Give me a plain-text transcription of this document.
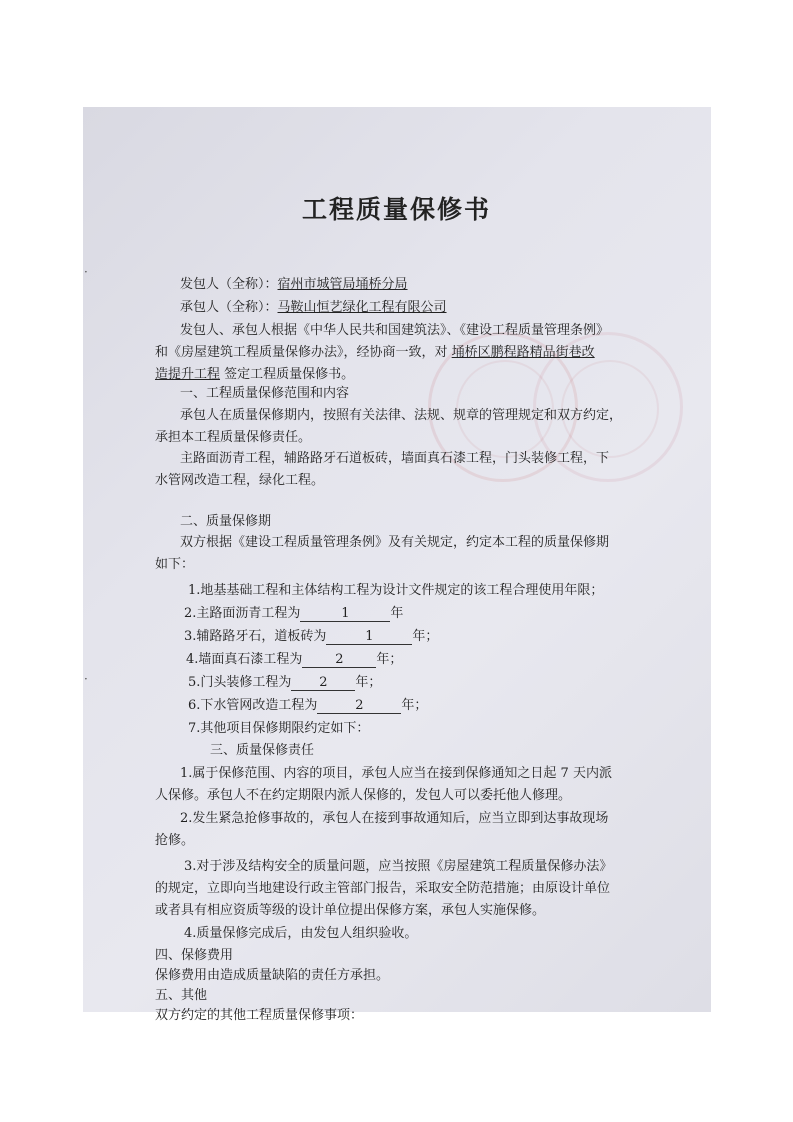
·
·
工程质量保修书
发包人（全称）：宿州市城管局埇桥分局
承包人（全称）：马鞍山恒艺绿化工程有限公司
发包人、承包人根据《中华人民共和国建筑法》、《建设工程质量管理条例》
和《房屋建筑工程质量保修办法》，经协商一致，对 埇桥区鹏程路精品街巷改
造提升工程 签定工程质量保修书。
一、工程质量保修范围和内容
承包人在质量保修期内，按照有关法律、法规、规章的管理规定和双方约定，
承担本工程质量保修责任。
主路面沥青工程，辅路路牙石道板砖，墙面真石漆工程，门头装修工程，下
水管网改造工程，绿化工程。
二、质量保修期
双方根据《建设工程质量管理条例》及有关规定，约定本工程的质量保修期
如下：
1.地基基础工程和主体结构工程为设计文件规定的该工程合理使用年限；
2.主路面沥青工程为	1	年
3.辅路路牙石，道板砖为	1	年；
4.墙面真石漆工程为	2	年；
5.门头装修工程为 2 年；
6.下水管网改造工程为	2	年；
7.其他项目保修期限约定如下：
三、质量保修责任
1.属于保修范围、内容的项目，承包人应当在接到保修通知之日起 7 天内派
人保修。承包人不在约定期限内派人保修的，发包人可以委托他人修理。
2.发生紧急抢修事故的，承包人在接到事故通知后，应当立即到达事故现场
抢修。
3.对于涉及结构安全的质量问题，应当按照《房屋建筑工程质量保修办法》
的规定，立即向当地建设行政主管部门报告，采取安全防范措施；由原设计单位
或者具有相应资质等级的设计单位提出保修方案，承包人实施保修。
4.质量保修完成后，由发包人组织验收。
四、保修费用
保修费用由造成质量缺陷的责任方承担。
五、其他
双方约定的其他工程质量保修事项：
